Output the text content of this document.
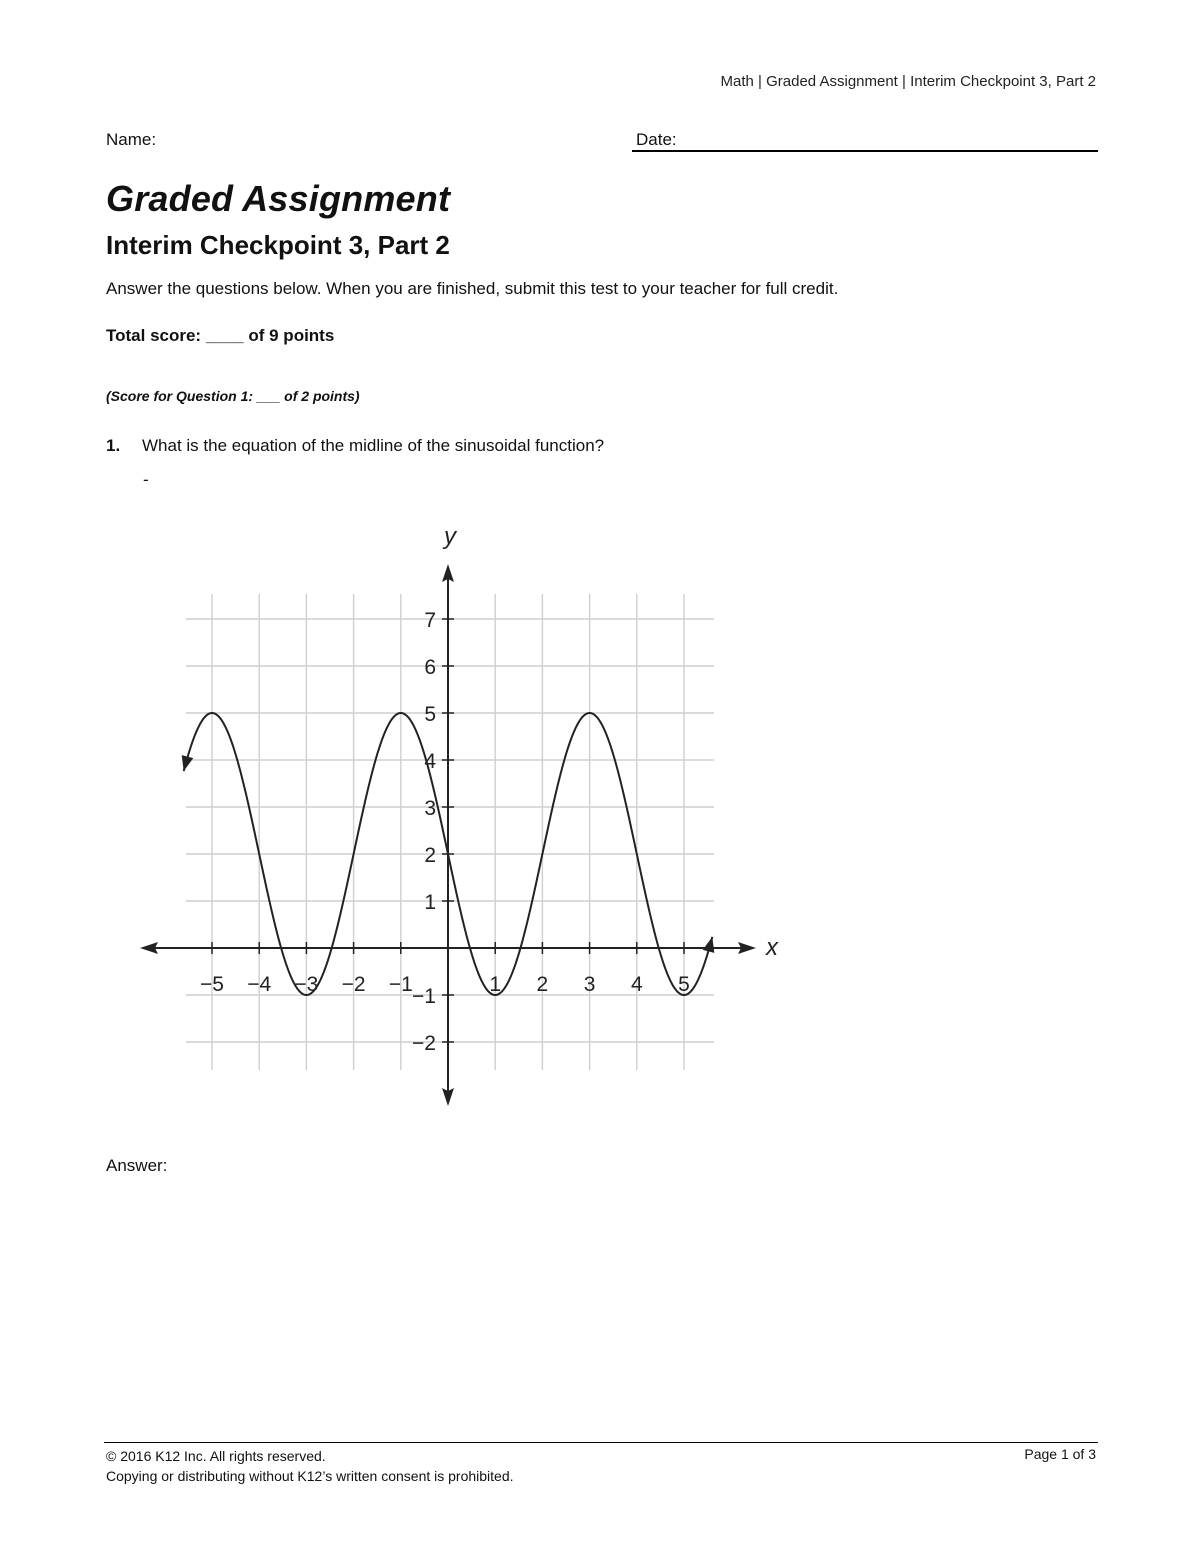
Math | Graded Assignment | Interim Checkpoint 3, Part 2
Name:	Date:
Graded Assignment
Interim Checkpoint 3, Part 2
Answer the questions below. When you are finished, submit this test to your teacher for full credit.
Total score: ____ of 9 points
(Score for Question 1: ___ of 2 points)
1. What is the equation of the midline of the sinusoidal function?
-
−5 −4 −3 −2 −1	1 2 3 4 5
−2
−1
1
2
3
4
5
6
7
x
y
Answer:
© 2016 K12 Inc. All rights reserved.
Copying or distributing without K12’s written consent is prohibited.
Page 1 of 3
